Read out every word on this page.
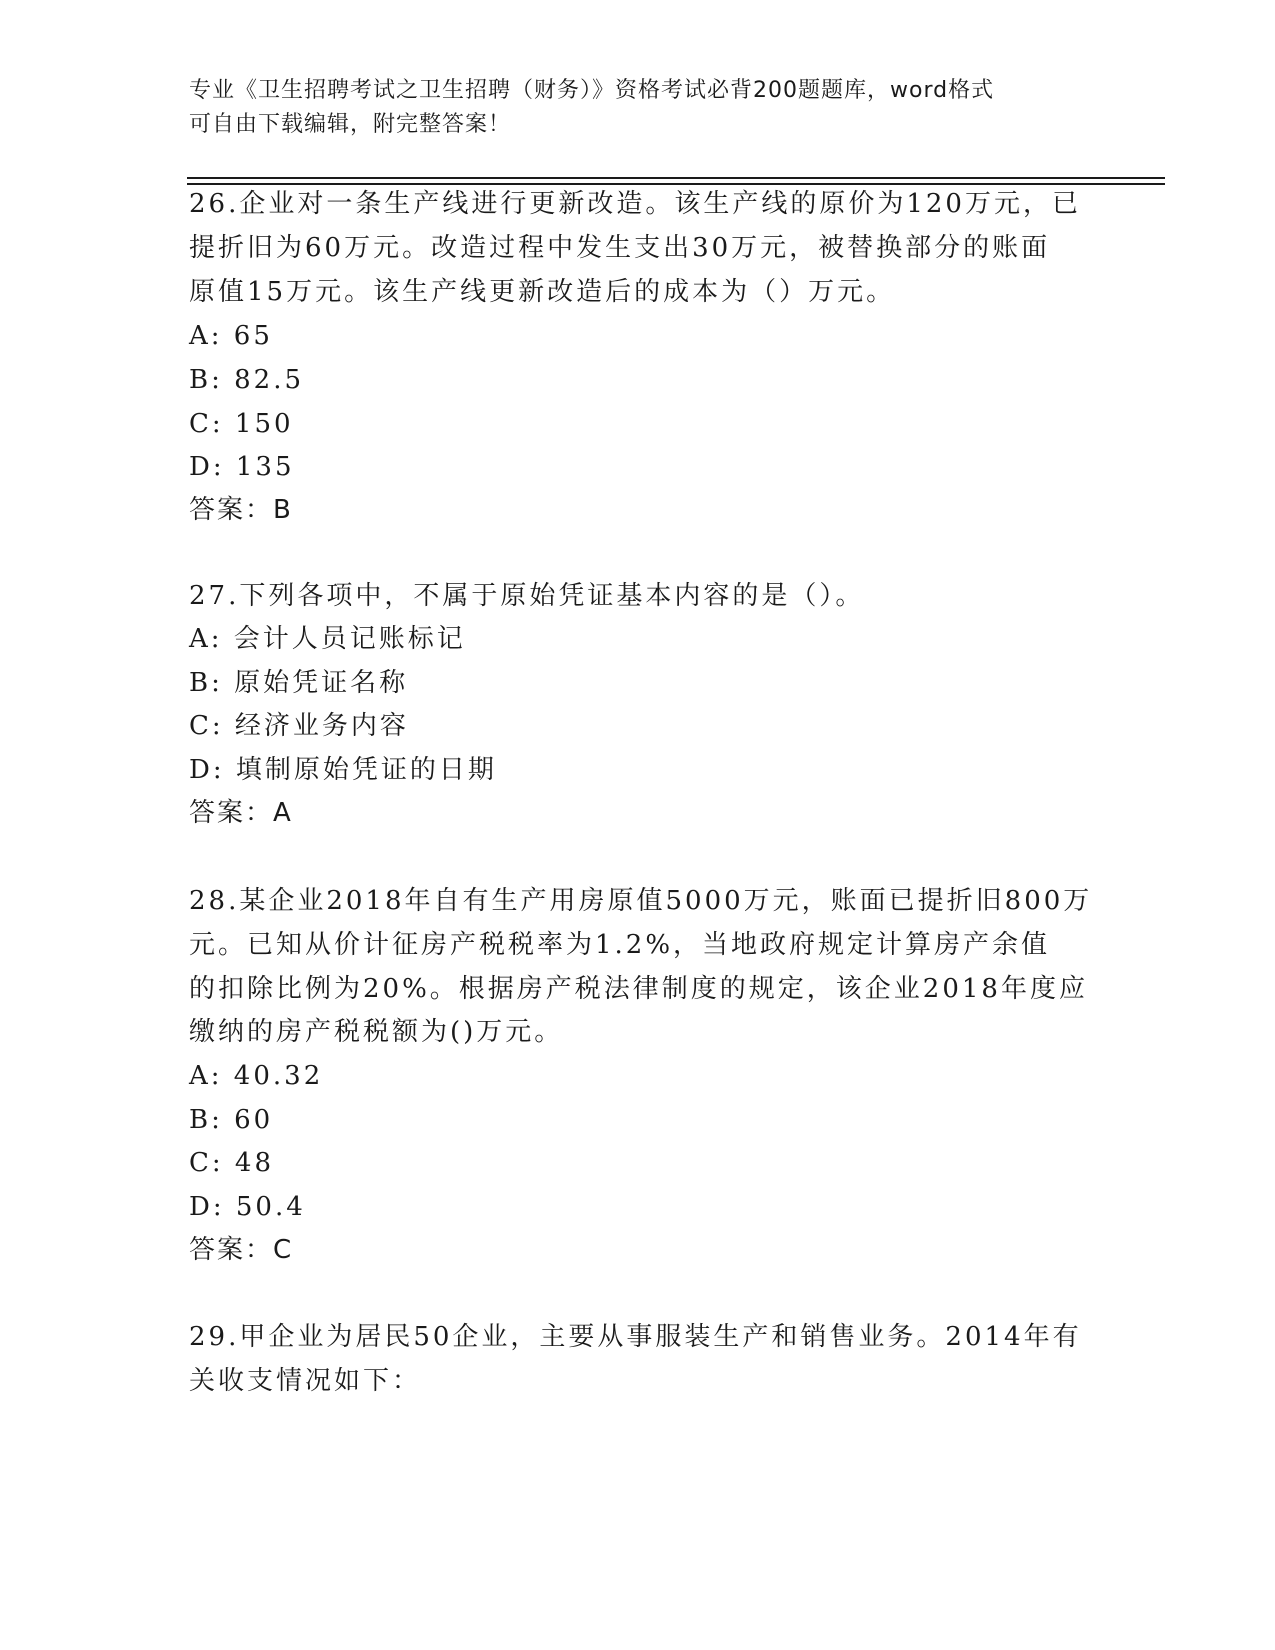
专业《卫生招聘考试之卫生招聘（财务）》资格考试必背200题题库，word格式
可自由下载编辑，附完整答案！
26.企业对一条生产线进行更新改造。该生产线的原价为120万元，已
提折旧为60万元。改造过程中发生支出30万元，被替换部分的账面
原值15万元。该生产线更新改造后的成本为（）万元。
A: 65
B: 82.5
C: 150
D: 135
答案：B
27.下列各项中，不属于原始凭证基本内容的是（）。
A: 会计人员记账标记
B: 原始凭证名称
C: 经济业务内容
D: 填制原始凭证的日期
答案：A
28.某企业2018年自有生产用房原值5000万元，账面已提折旧800万
元。已知从价计征房产税税率为1.2%，当地政府规定计算房产余值
的扣除比例为20%。根据房产税法律制度的规定，该企业2018年度应
缴纳的房产税税额为()万元。
A: 40.32
B: 60
C: 48
D: 50.4
答案：C
29.甲企业为居民50企业，主要从事服装生产和销售业务。2014年有
关收支情况如下：
